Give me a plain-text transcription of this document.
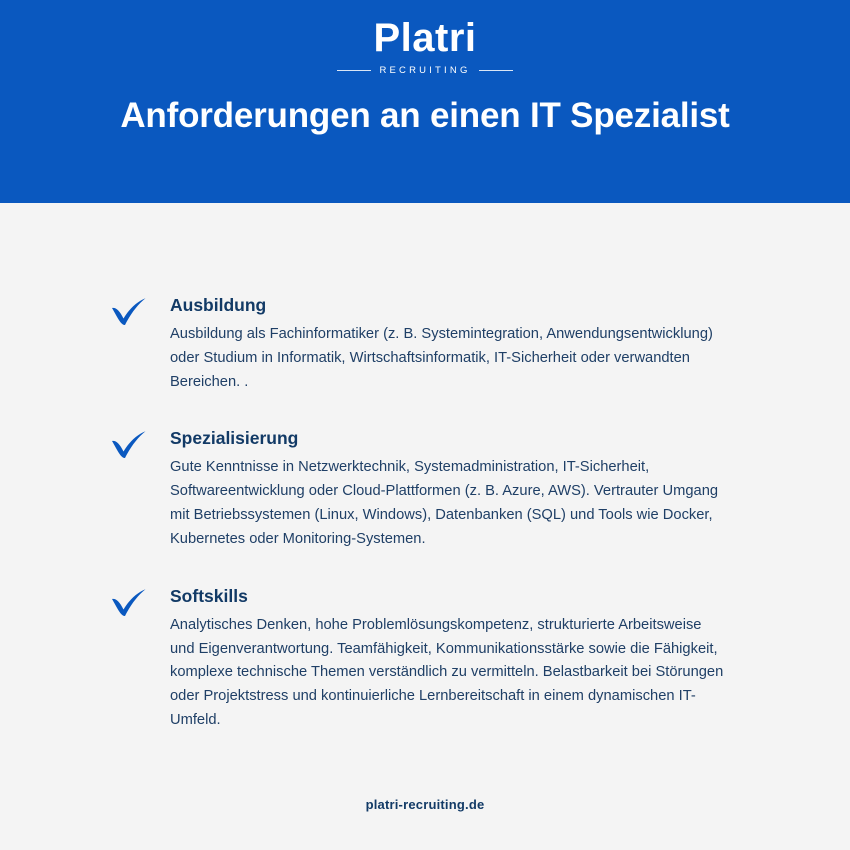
Platri
RECRUITING
Anforderungen an einen IT Spezialist
Ausbildung
Ausbildung als Fachinformatiker (z. B. Systemintegration, Anwendungsentwicklung) oder Studium in Informatik, Wirtschaftsinformatik, IT-Sicherheit oder verwandten Bereichen. .
Spezialisierung
Gute Kenntnisse in Netzwerktechnik, Systemadministration, IT-Sicherheit, Softwareentwicklung oder Cloud-Plattformen (z. B. Azure, AWS). Vertrauter Umgang mit Betriebssystemen (Linux, Windows), Datenbanken (SQL) und Tools wie Docker, Kubernetes oder Monitoring-Systemen.
Softskills
Analytisches Denken, hohe Problemlösungskompetenz, strukturierte Arbeitsweise und Eigenverantwortung. Teamfähigkeit, Kommunikationsstärke sowie die Fähigkeit, komplexe technische Themen verständlich zu vermitteln. Belastbarkeit bei Störungen oder Projektstress und kontinuierliche Lernbereitschaft in einem dynamischen IT-Umfeld.
platri-recruiting.de
